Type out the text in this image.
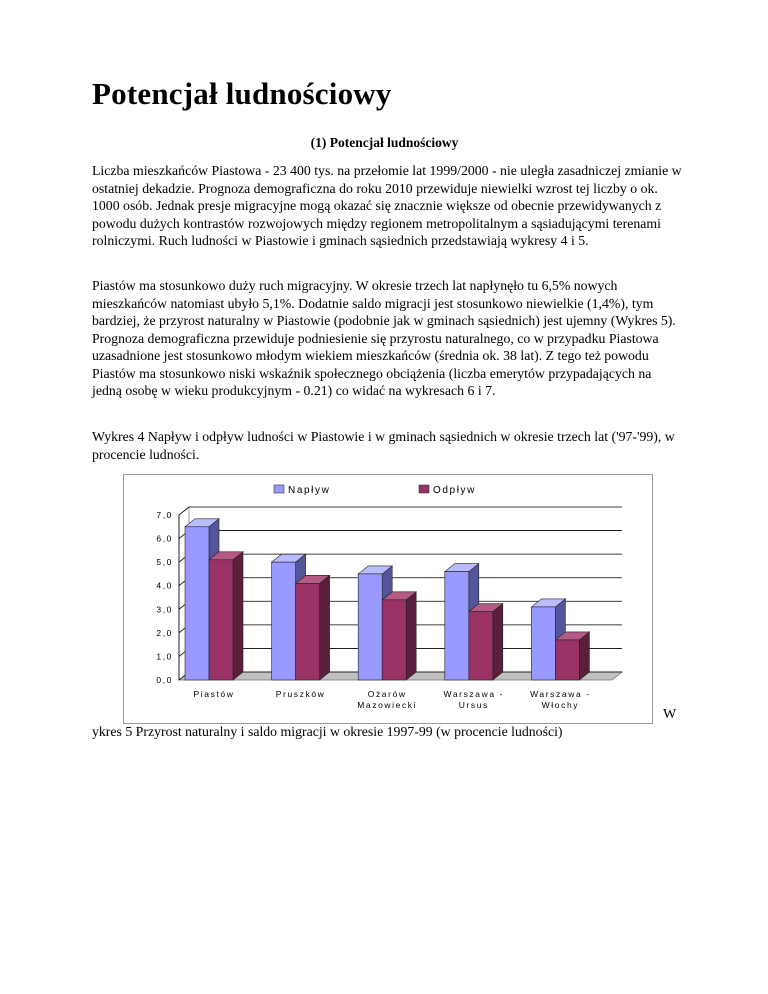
Potencjał ludnościowy
(1) Potencjał ludnościowy

Liczba mieszkańców Piastowa - 23 400 tys. na przełomie lat 1999/2000 - nie uległa zasadniczej zmianie w ostatniej dekadzie. Prognoza demograficzna do roku 2010 przewiduje niewielki wzrost tej liczby o ok. 1000 osób. Jednak presje migracyjne mogą okazać się znacznie większe od obecnie przewidywanych z powodu dużych kontrastów rozwojowych między regionem metropolitalnym a sąsiadującymi terenami rolniczymi. Ruch ludności w Piastowie i gminach sąsiednich przedstawiają wykresy 4 i 5.

Piastów ma stosunkowo duży ruch migracyjny. W okresie trzech lat napłynęło tu 6,5% nowych mieszkańców natomiast ubyło 5,1%. Dodatnie saldo migracji jest stosunkowo niewielkie (1,4%), tym bardziej, że przyrost naturalny w Piastowie (podobnie jak w gminach sąsiednich) jest ujemny (Wykres 5). Prognoza demograficzna przewiduje podniesienie się przyrostu naturalnego, co w przypadku Piastowa uzasadnione jest stosunkowo młodym wiekiem mieszkańców (średnia ok. 38 lat). Z tego też powodu Piastów ma stosunkowo niski wskaźnik społecznego obciążenia (liczba emerytów przypadających na jedną osobę w wieku produkcyjnym - 0.21) co widać na wykresach 6 i 7.

Wykres 4 Napływ i odpływ ludności w Piastowie i w gminach sąsiednich w okresie trzech lat ('97-'99), w procencie ludności.
0,0
1,0
2,0
3,0
4,0
5,0
6,0
7,0
Piastów	Pruszków	Ożarów
Mazowiecki
Warszawa -
Ursus
Warszawa -
Włochy
Napływ	Odpływ
W
ykres 5 Przyrost naturalny i saldo migracji w okresie 1997-99 (w procencie ludności)
